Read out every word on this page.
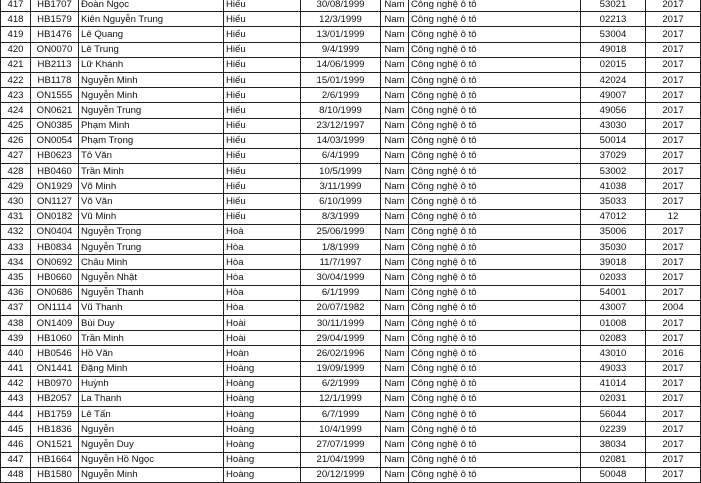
417	HB1707	Đoàn Ngọc	Hiếu	30/08/1999	Nam	Công nghệ ô tô	53021	2017
418	HB1579	Kiên Nguyễn Trung	Hiếu	12/3/1999	Nam	Công nghệ ô tô	02213	2017
419	HB1476	Lê Quang	Hiếu	13/01/1999	Nam	Công nghệ ô tô	53004	2017
420	ON0070	Lê Trung	Hiếu	9/4/1999	Nam	Công nghệ ô tô	49018	2017
421	HB2113	Lữ Khánh	Hiếu	14/06/1999	Nam	Công nghệ ô tô	02015	2017
422	HB1178	Nguyễn Minh	Hiếu	15/01/1999	Nam	Công nghệ ô tô	42024	2017
423	ON1555	Nguyễn Minh	Hiếu	2/6/1999	Nam	Công nghệ ô tô	49007	2017
424	ON0621	Nguyễn Trung	Hiếu	8/10/1999	Nam	Công nghệ ô tô	49056	2017
425	ON0385	Phạm Minh	Hiếu	23/12/1997	Nam	Công nghệ ô tô	43030	2017
426	ON0054	Phạm Trọng	Hiếu	14/03/1999	Nam	Công nghệ ô tô	50014	2017
427	HB0623	Tô Văn	Hiếu	6/4/1999	Nam	Công nghệ ô tô	37029	2017
428	HB0460	Trần Minh	Hiếu	10/5/1999	Nam	Công nghệ ô tô	53002	2017
429	ON1929	Võ Minh	Hiếu	3/11/1999	Nam	Công nghệ ô tô	41038	2017
430	ON1127	Võ Văn	Hiếu	6/10/1999	Nam	Công nghệ ô tô	35033	2017
431	ON0182	Vũ Minh	Hiếu	8/3/1999	Nam	Công nghệ ô tô	47012	12
432	ON0404	Nguyễn Trọng	Hoà	25/06/1999	Nam	Công nghệ ô tô	35006	2017
433	HB0834	Nguyễn Trung	Hòa	1/8/1999	Nam	Công nghệ ô tô	35030	2017
434	ON0692	Châu Minh	Hòa	11/7/1997	Nam	Công nghệ ô tô	39018	2017
435	HB0660	Nguyễn Nhật	Hòa	30/04/1999	Nam	Công nghệ ô tô	02033	2017
436	ON0686	Nguyễn Thanh	Hòa	6/1/1999	Nam	Công nghệ ô tô	54001	2017
437	ON1114	Vũ Thanh	Hòa	20/07/1982	Nam	Công nghệ ô tô	43007	2004
438	ON1409	Bùi Duy	Hoài	30/11/1999	Nam	Công nghệ ô tô	01008	2017
439	HB1060	Trần Minh	Hoài	29/04/1999	Nam	Công nghệ ô tô	02083	2017
440	HB0546	Hồ Văn	Hoàn	26/02/1996	Nam	Công nghệ ô tô	43010	2016
441	ON1441	Đặng Minh	Hoàng	19/09/1999	Nam	Công nghệ ô tô	49033	2017
442	HB0970	Huỳnh	Hoàng	6/2/1999	Nam	Công nghệ ô tô	41014	2017
443	HB2057	La Thanh	Hoàng	12/1/1999	Nam	Công nghệ ô tô	02031	2017
444	HB1759	Lê Tấn	Hoàng	6/7/1999	Nam	Công nghệ ô tô	56044	2017
445	HB1836	Nguyễn	Hoàng	10/4/1999	Nam	Công nghệ ô tô	02239	2017
446	ON1521	Nguyễn Duy	Hoàng	27/07/1999	Nam	Công nghệ ô tô	38034	2017
447	HB1664	Nguyễn Hồ Ngọc	Hoàng	21/04/1999	Nam	Công nghệ ô tô	02081	2017
448	HB1580	Nguyễn Minh	Hoàng	20/12/1999	Nam	Công nghệ ô tô	50048	2017
